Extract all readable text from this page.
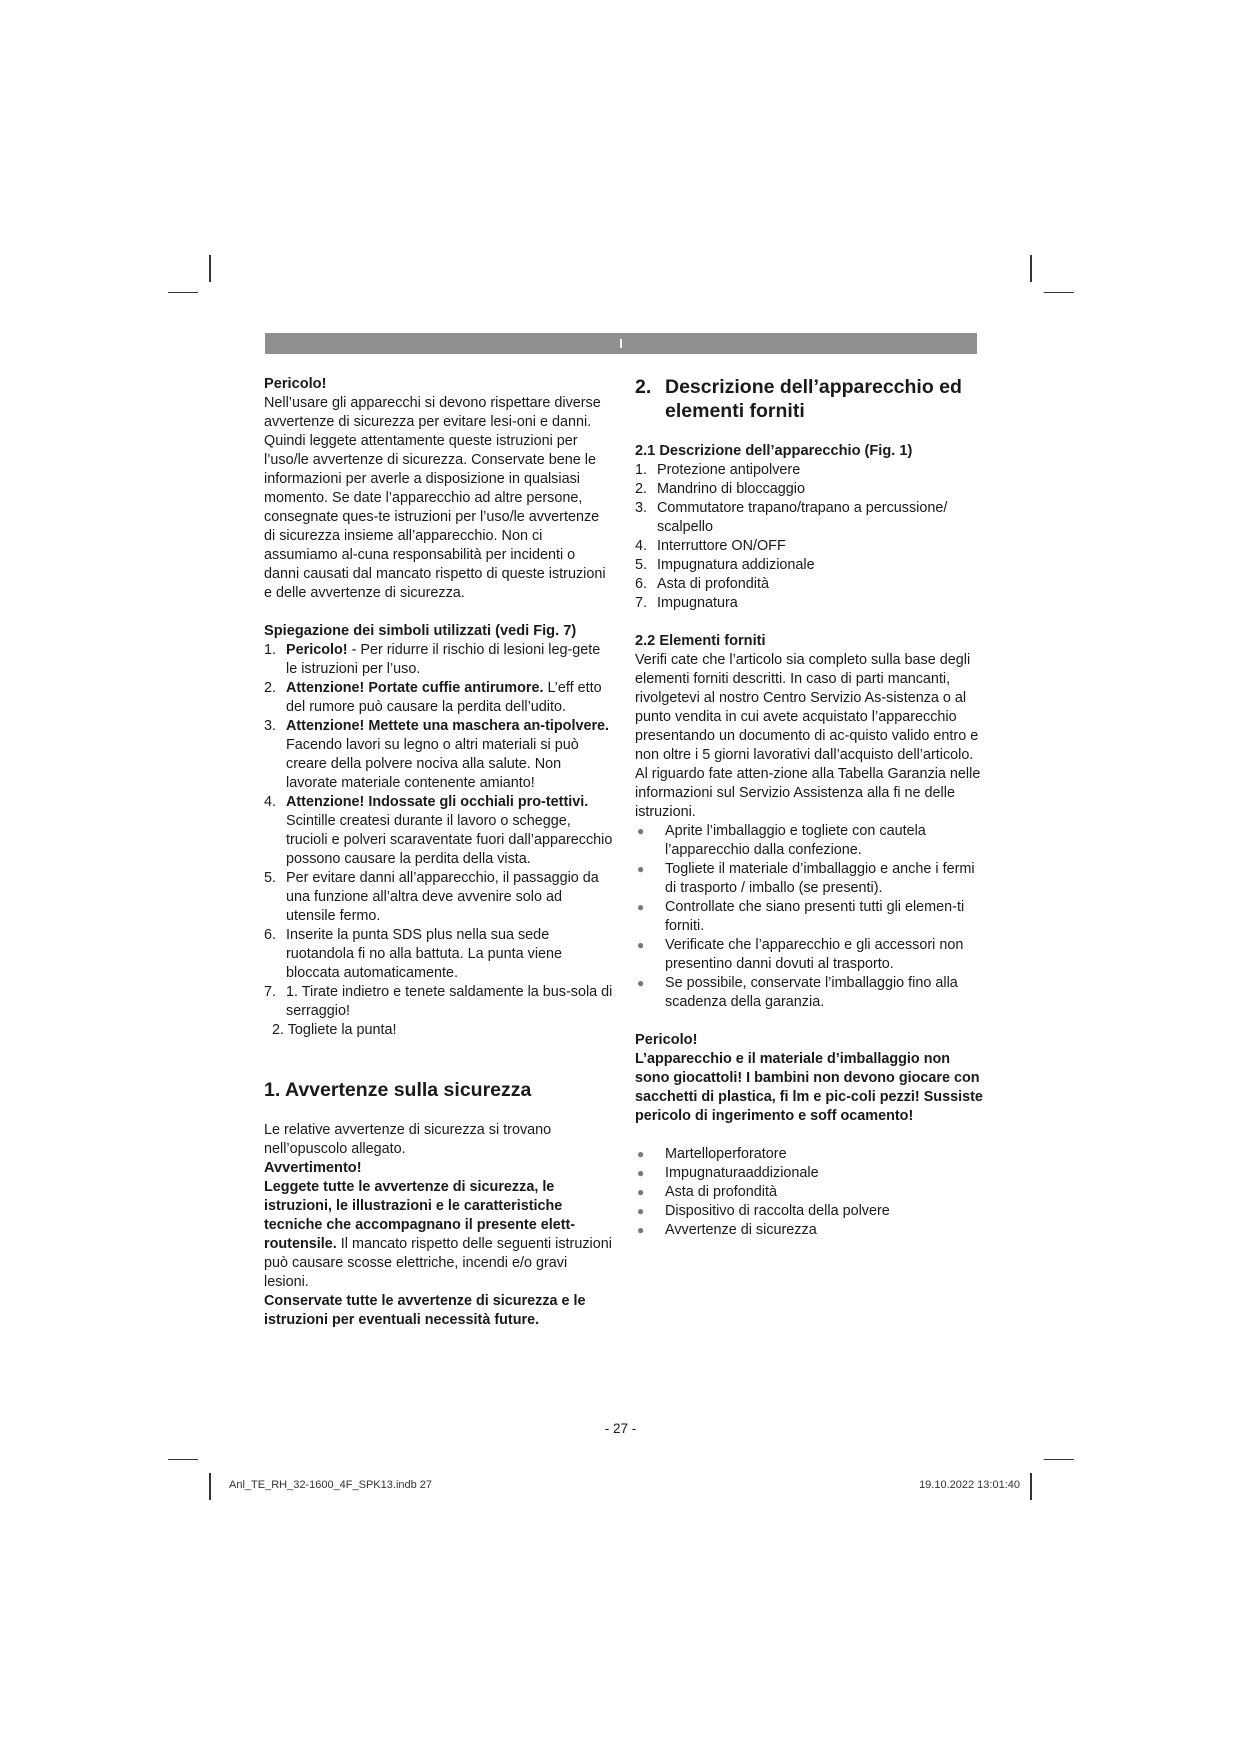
I

Pericolo!

Nell’usare gli apparecchi si devono rispettare diverse avvertenze di sicurezza per evitare lesi-oni e danni. Quindi leggete attentamente queste istruzioni per l’uso/le avvertenze di sicurezza. Conservate bene le informazioni per averle a disposizione in qualsiasi momento. Se date l’apparecchio ad altre persone, consegnate ques-te istruzioni per l’uso/le avvertenze di sicurezza insieme all’apparecchio. Non ci assumiamo al-cuna responsabilità per incidenti o danni causati dal mancato rispetto di queste istruzioni e delle avvertenze di sicurezza.

Spiegazione dei simboli utilizzati (vedi Fig. 7)

1. Pericolo! - Per ridurre il rischio di lesioni leg-gete le istruzioni per l’uso.
2. Attenzione! Portate cuffie antirumore. L’eff etto del rumore può causare la perdita dell’udito.
3. Attenzione! Mettete una maschera an-tipolvere. Facendo lavori su legno o altri materiali si può creare della polvere nociva alla salute. Non lavorate materiale contenente amianto!
4. Attenzione! Indossate gli occhiali pro-tettivi. Scintille createsi durante il lavoro o schegge, trucioli e polveri scaraventate fuori dall’apparecchio possono causare la perdita della vista.
5. Per evitare danni all’apparecchio, il passaggio da una funzione all’altra deve avvenire solo ad utensile fermo.
6. Inserite la punta SDS plus nella sua sede ruotandola fi no alla battuta. La punta viene bloccata automaticamente.
7. 1. Tirate indietro e tenete saldamente la bus-sola di serraggio!

2. Togliete la punta!

1. Avvertenze sulla sicurezza

Le relative avvertenze di sicurezza si trovano nell’opuscolo allegato.

Avvertimento!

Leggete tutte le avvertenze di sicurezza, le istruzioni, le illustrazioni e le caratteristiche tecniche che accompagnano il presente elett-routensile. Il mancato rispetto delle seguenti istruzioni può causare scosse elettriche, incendi e/o gravi lesioni.

Conservate tutte le avvertenze di sicurezza e le istruzioni per eventuali necessità future.

2. Descrizione dell’apparecchio ed elementi forniti

2.1 Descrizione dell’apparecchio (Fig. 1)

1. Protezione antipolvere
2. Mandrino di bloccaggio
3. Commutatore trapano/trapano a percussione/ scalpello
4. Interruttore ON/OFF
5. Impugnatura addizionale
6. Asta di profondità
7. Impugnatura

2.2 Elementi forniti

Verifi cate che l’articolo sia completo sulla base degli elementi forniti descritti. In caso di parti mancanti, rivolgetevi al nostro Centro Servizio As-sistenza o al punto vendita in cui avete acquistato l’apparecchio presentando un documento di ac-quisto valido entro e non oltre i 5 giorni lavorativi dall’acquisto dell’articolo. Al riguardo fate atten-zione alla Tabella Garanzia nelle informazioni sul Servizio Assistenza alla fi ne delle istruzioni.

●	Aprite l’imballaggio e togliete con cautela l’apparecchio dalla confezione.
●	Togliete il materiale d’imballaggio e anche i fermi di trasporto / imballo (se presenti).
●	Controllate che siano presenti tutti gli elemen-ti forniti.
●	Verificate che l’apparecchio e gli accessori non presentino danni dovuti al trasporto.
●	Se possibile, conservate l’imballaggio fino alla scadenza della garanzia.

Pericolo!

L’apparecchio e il materiale d’imballaggio non sono giocattoli! I bambini non devono giocare con sacchetti di plastica, fi lm e pic-coli pezzi! Sussiste pericolo di ingerimento e soff ocamento!

●	Martelloperforatore
●	Impugnaturaaddizionale
●	Asta di profondità
●	Dispositivo di raccolta della polvere
●	Avvertenze di sicurezza
- 27 -
Anl_TE_RH_32-1600_4F_SPK13.indb 27	19.10.2022 13:01:40
